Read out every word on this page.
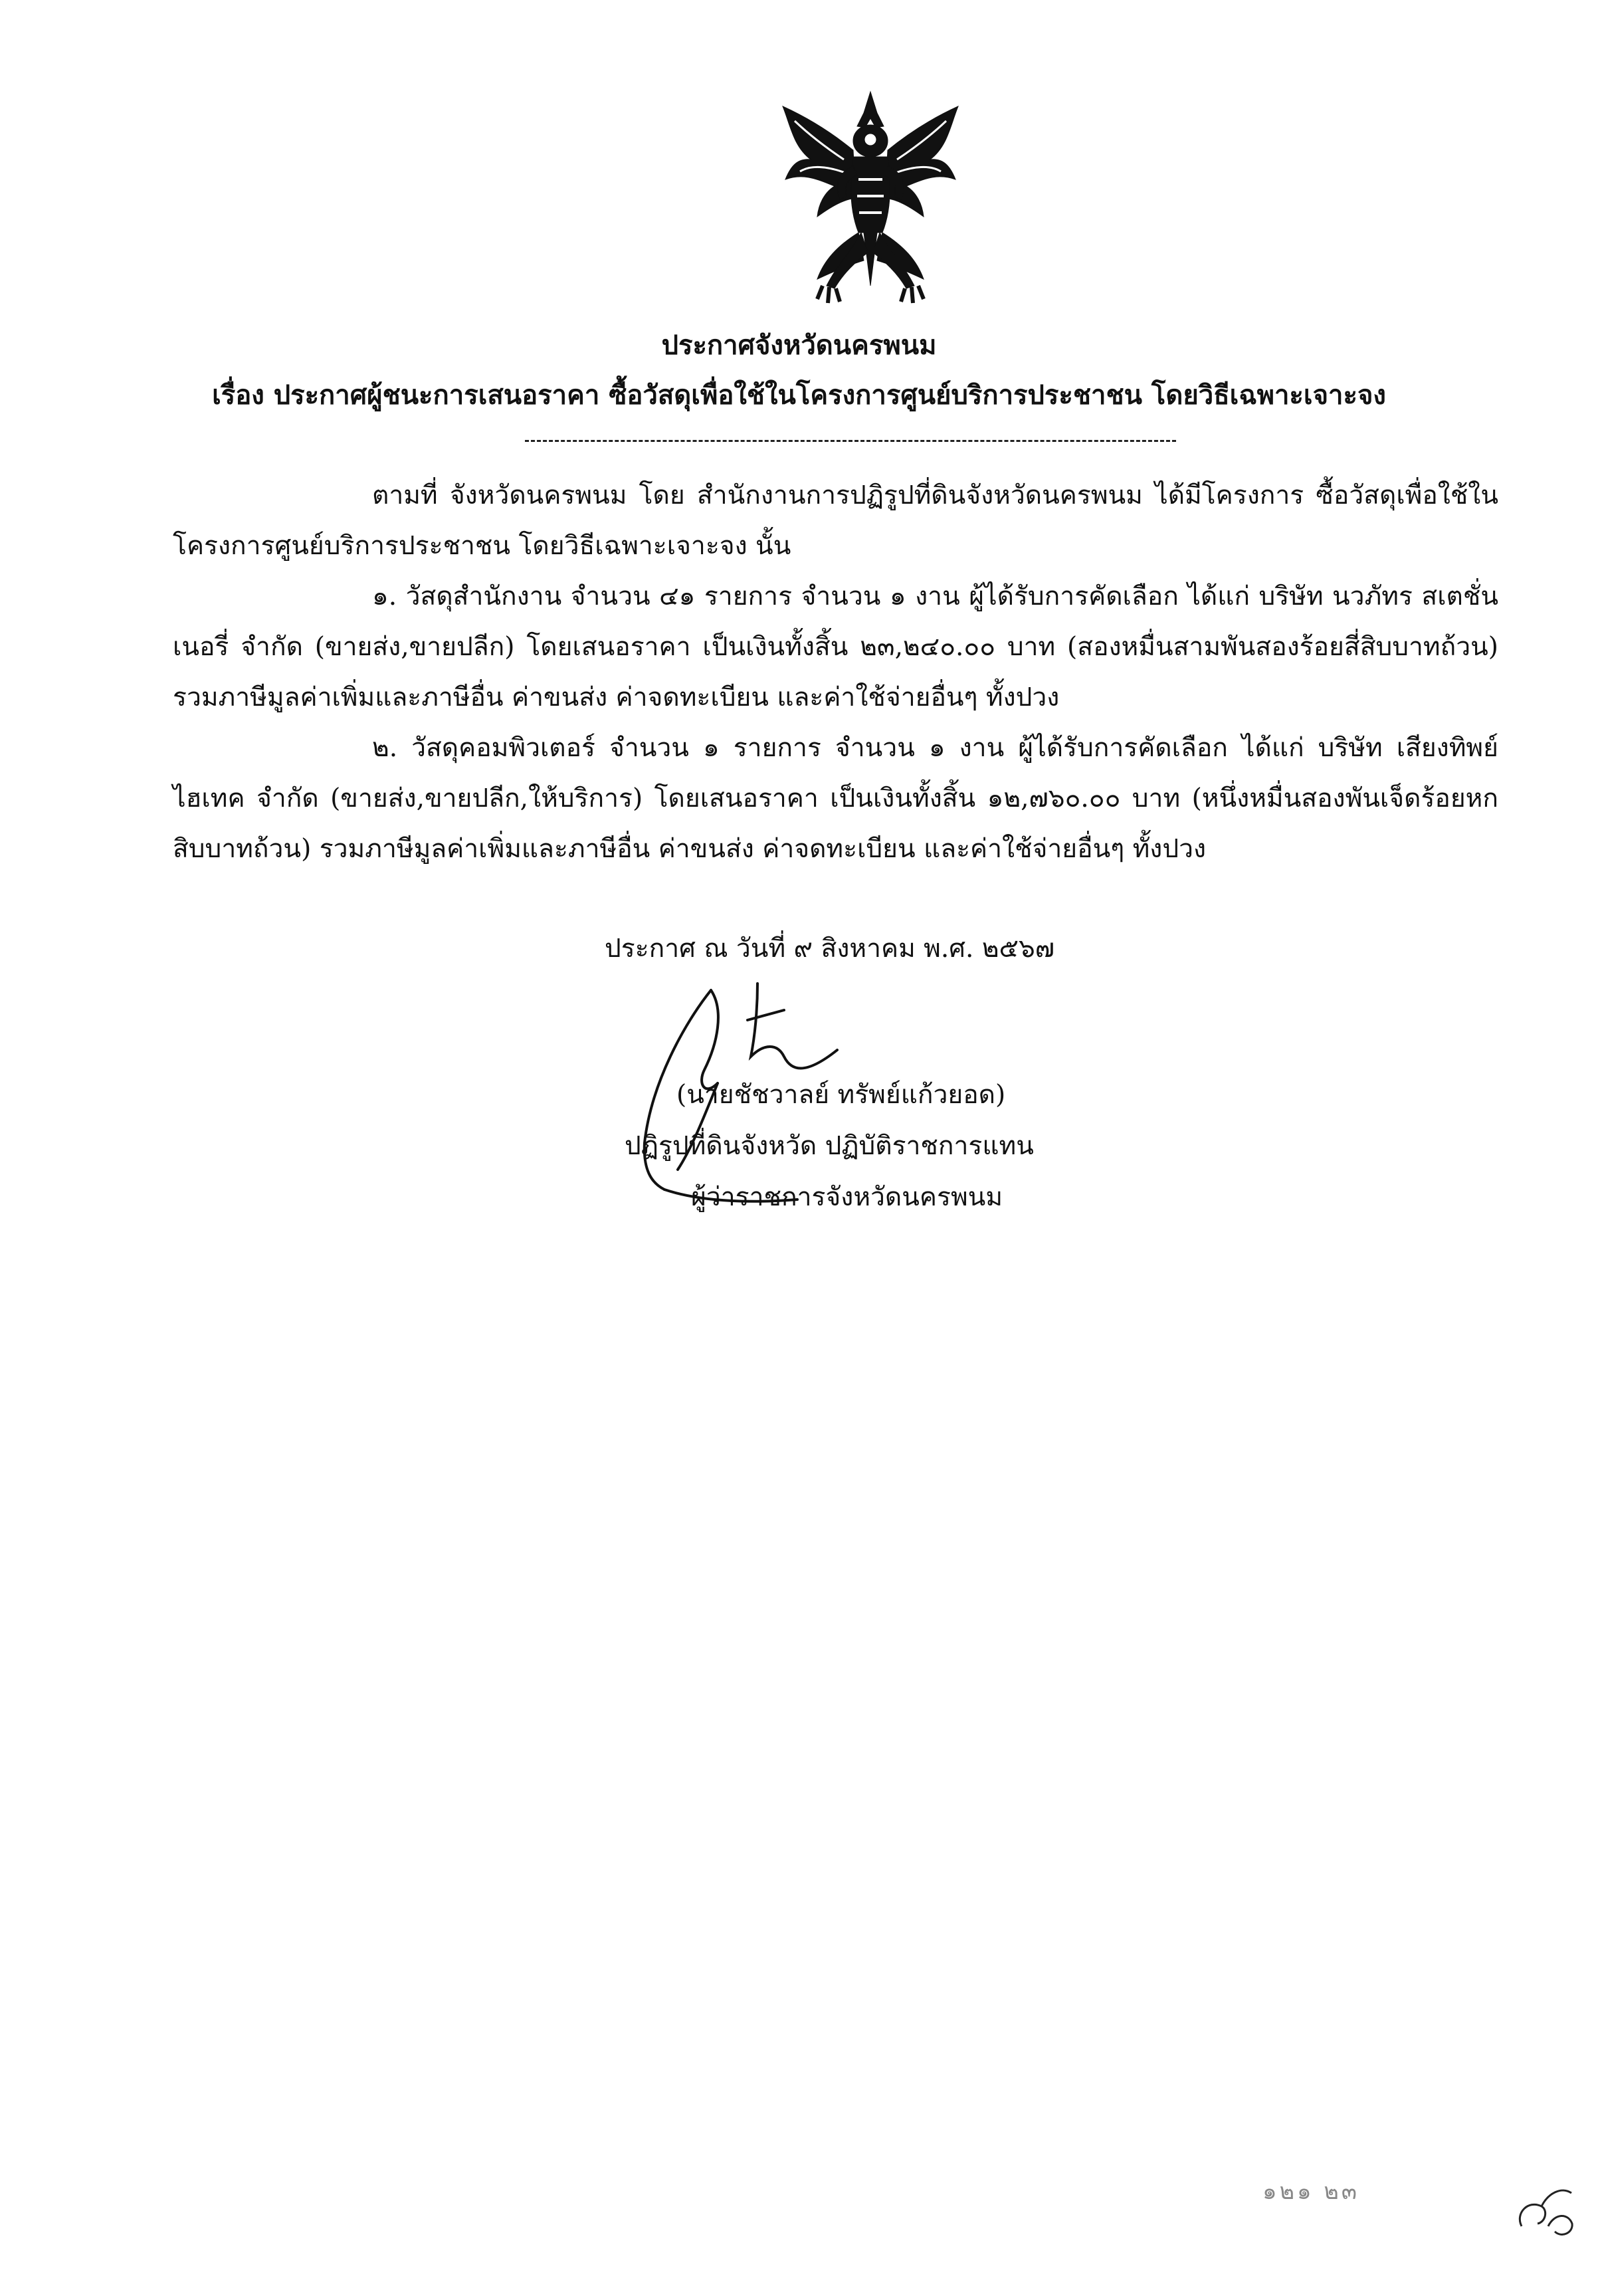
ประกาศจังหวัดนครพนม
เรื่อง ประกาศผู้ชนะการเสนอราคา ซื้อวัสดุเพื่อใช้ในโครงการศูนย์บริการประชาชน โดยวิธีเฉพาะเจาะจง

ตามที่ จังหวัดนครพนม โดย สำนักงานการปฏิรูปที่ดินจังหวัดนครพนม ได้มีโครงการ ซื้อวัสดุเพื่อใช้ในโครงการศูนย์บริการประชาชน โดยวิธีเฉพาะเจาะจง นั้น

๑. วัสดุสำนักงาน จำนวน ๔๑ รายการ จำนวน ๑ งาน ผู้ได้รับการคัดเลือก ได้แก่ บริษัท นวภัทร สเตชั่นเนอรี่ จำกัด (ขายส่ง,ขายปลีก) โดยเสนอราคา เป็นเงินทั้งสิ้น ๒๓,๒๔๐.๐๐ บาท (สองหมื่นสามพันสองร้อยสี่สิบบาทถ้วน) รวมภาษีมูลค่าเพิ่มและภาษีอื่น ค่าขนส่ง ค่าจดทะเบียน และค่าใช้จ่ายอื่นๆ ทั้งปวง

๒. วัสดุคอมพิวเตอร์ จำนวน ๑ รายการ จำนวน ๑ งาน ผู้ได้รับการคัดเลือก ได้แก่ บริษัท เสียงทิพย์ ไฮเทค จำกัด (ขายส่ง,ขายปลีก,ให้บริการ) โดยเสนอราคา เป็นเงินทั้งสิ้น ๑๒,๗๖๐.๐๐ บาท (หนึ่งหมื่นสองพันเจ็ดร้อยหกสิบบาทถ้วน) รวมภาษีมูลค่าเพิ่มและภาษีอื่น ค่าขนส่ง ค่าจดทะเบียน และค่าใช้จ่ายอื่นๆ ทั้งปวง

ประกาศ ณ วันที่ ๙ สิงหาคม พ.ศ. ๒๕๖๗
(นายชัชวาลย์ ทรัพย์แก้วยอด)
ปฏิรูปที่ดินจังหวัด ปฏิบัติราชการแทน
ผู้ว่าราชการจังหวัดนครพนม
๑๒๑ ๒๓
